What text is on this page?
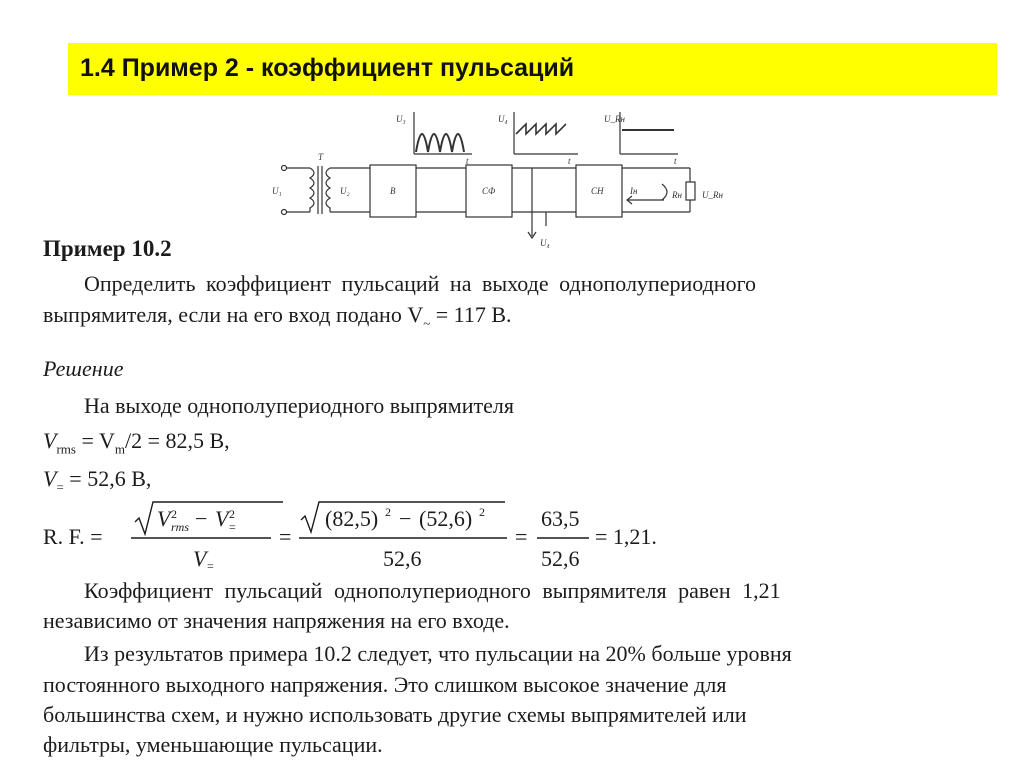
1.4 Пример 2 - коэффициент пульсаций
U₁	U₂
T
В	СФ	СН
U₃	U₄	U_Rн
t	t	t
Iн	Rн U_Rн
U₄
Пример 10.2
Определить коэффициент пульсаций на выходе однополупериодного
выпрямителя, если на его вход подано $V_\sim = 117$ В.
Решение
На выходе однополупериодного выпрямителя
$V_{rms} = V_m/2 = 82,5$ В,
$V_= = 52,6$ В,
R. F. =
V 2
rms − V 2
=
V =
=
(82,5) 2 − (52,6) 2
52,6
=
63,5
52,6
= 1,21.
Коэффициент пульсаций однополупериодного выпрямителя равен 1,21
независимо от значения напряжения на его входе.
Из результатов примера 10.2 следует, что пульсации на 20% больше уровня
постоянного выходного напряжения. Это слишком высокое значение для
большинства схем, и нужно использовать другие схемы выпрямителей или
фильтры, уменьшающие пульсации.
